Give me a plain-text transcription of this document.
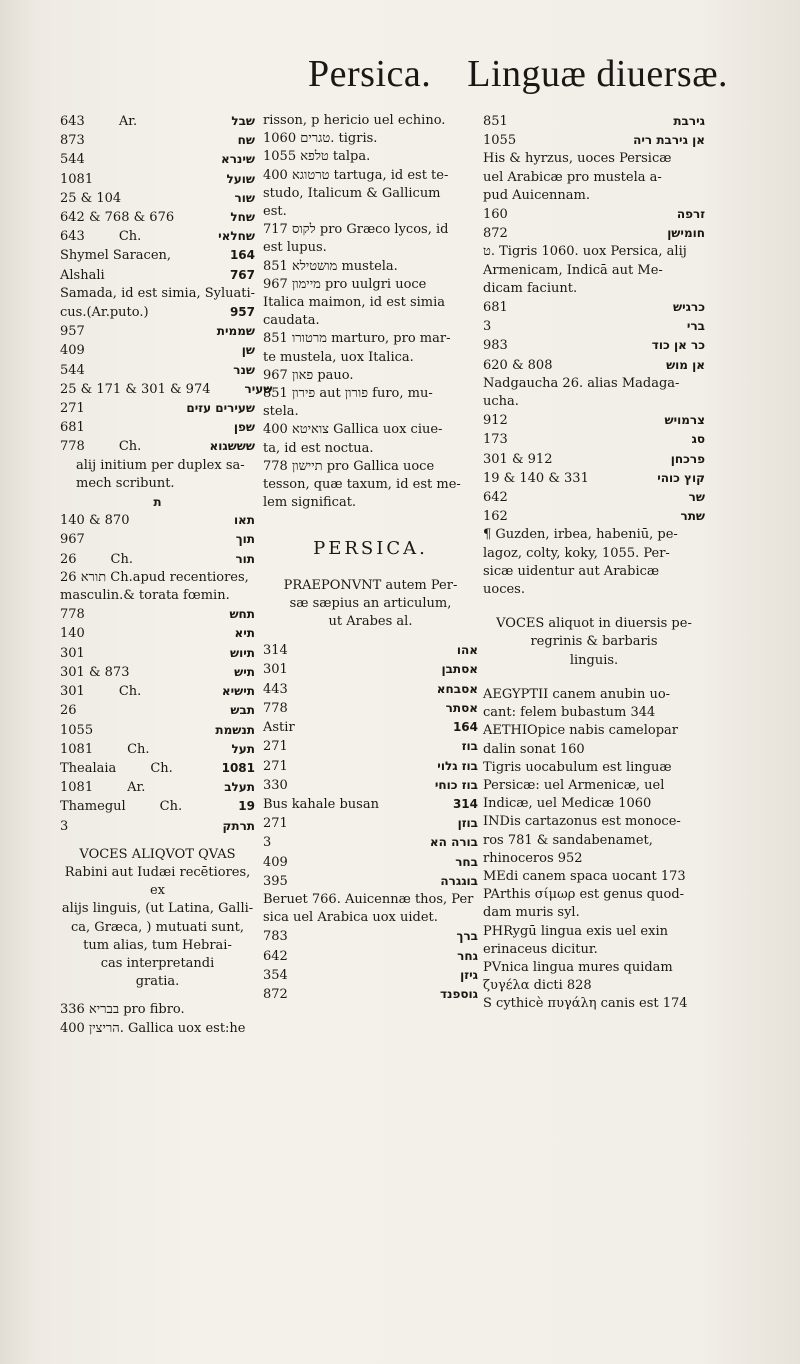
Persica. Linguæ diuersæ.
643	Ar.	שבל
873	שח
544	שינרא
1081	שועל
25 & 104	שור
642 & 768 & 676	שחל
643	Ch.	שחלאי
Shymel Saracen,	164
Alshali	767
Samada, id est simia, Syluati-
cus.(Ar.puto.)	957
957	שממית
409	שן
544	שנר
25 & 171 & 301 & 974	שעיר
271	שעירים עזים
681	שפן
778	Ch.	שששגוא
alij initium per duplex sa-
mech scribunt.
ת
140 & 870	תאו
967	תוך
26	Ch.	תור
26 תורא Ch.apud recentiores,
masculin.& torata fœmin.
778	תחש
140	תיא
301	תיוש
301 & 873	תיש
301	Ch.	תישיא
26	תבש
1055	תנשמת
1081	Ch.	תעל
Thealaia	Ch.	1081
1081	Ar.	תעלב
Thamegul	Ch.	19
3	תרתק
VOCES ALIQVOT QVAS
Rabini aut Iudæi recētiores, ex
alijs linguis, (ut Latina, Galli-
ca, Græca, ) mutuati sunt,
tum alias, tum Hebrai-
cas interpretandi
gratia.
בבריא 336 pro fibro.
הריצין 400. Gallica uox est:he
risson, p hericio uel echino.
טגרים 1060. tigris.
טלפא 1055 talpa.
טרטוגא 400 tartuga, id est te-
studo, Italicum & Gallicum
est.
לקוס 717 pro Græco lycos, id
est lupus.
מושטילא 851 mustela.
מיימון 967 pro uulgri uoce
Italica maimon, id est simia
caudata.
מרטורו 851 marturo, pro mar-
te mustela, uox Italica.
פאון 967 pauo.
פירון 851 aut פורון furo, mu-
stela.
צואיטא 400 Gallica uox ciue-
ta, id est noctua.
תיישון 778 pro Gallica uoce
tesson, quæ taxum, id est me-
lem significat.
PERSICA.
PRAEPONVNT autem Per-
sæ sæpius an articulum,
ut Arabes al.
314	אהו
301	אסתבן
443	אסבחא
778	אסתר
Astir	164
271	בוז
271	בוז גלוי
330	בוז כוחי
Bus kahale busan	314
271	בוזן
3	בורה הא
409	בחר
395	בוגגרה
Beruet 766. Auicennæ thos, Per
sica uel Arabica uox uidet.
783	ברך
642	גחר
354	גיזן
872	גוספנד
851	גירבת
1055	אן גירבת ריה
His & hyrzus, uoces Persicæ
uel Arabicæ pro mustela a-
pud Auicennam.
160	זרפה
872	חומישן
ט. Tigris 1060. uox Persica, alij
Armenicam, Indicā aut Me-
dicam faciunt.
681	כרגיש
3	ברי
983	כר אן כוד
620 & 808	אן מוש
Nadgaucha 26. alias Madaga-
ucha.
912	צרמויש
173	סג
301 & 912	פרכחן
19 & 140 & 331	קוץ כוהי
642	שר
162	שתר
¶ Guzden, irbea, habeniū, pe-
lagoz, colty, koky, 1055. Per-
sicæ uidentur aut Arabicæ
uoces.
VOCES aliquot in diuersis pe-
regrinis & barbaris
linguis.
AEGYPTII canem anubin uo-
cant: felem bubastum 344
AETHIOpice nabis camelopar
dalin sonat 160
Tigris uocabulum est linguæ
Persicæ: uel Armenicæ, uel
Indicæ, uel Medicæ 1060
INDis cartazonus est monoce-
ros 781 & sandabenamet,
rhinoceros 952
MEdi canem spaca uocant 173
PArthis σίμωρ est genus quod-
dam muris syl.
PHRygū lingua exis uel exin
erinaceus dicitur.
PVnica lingua mures quidam
ζυγέλα dicti 828
S cythicè πυγάλη canis est 174
